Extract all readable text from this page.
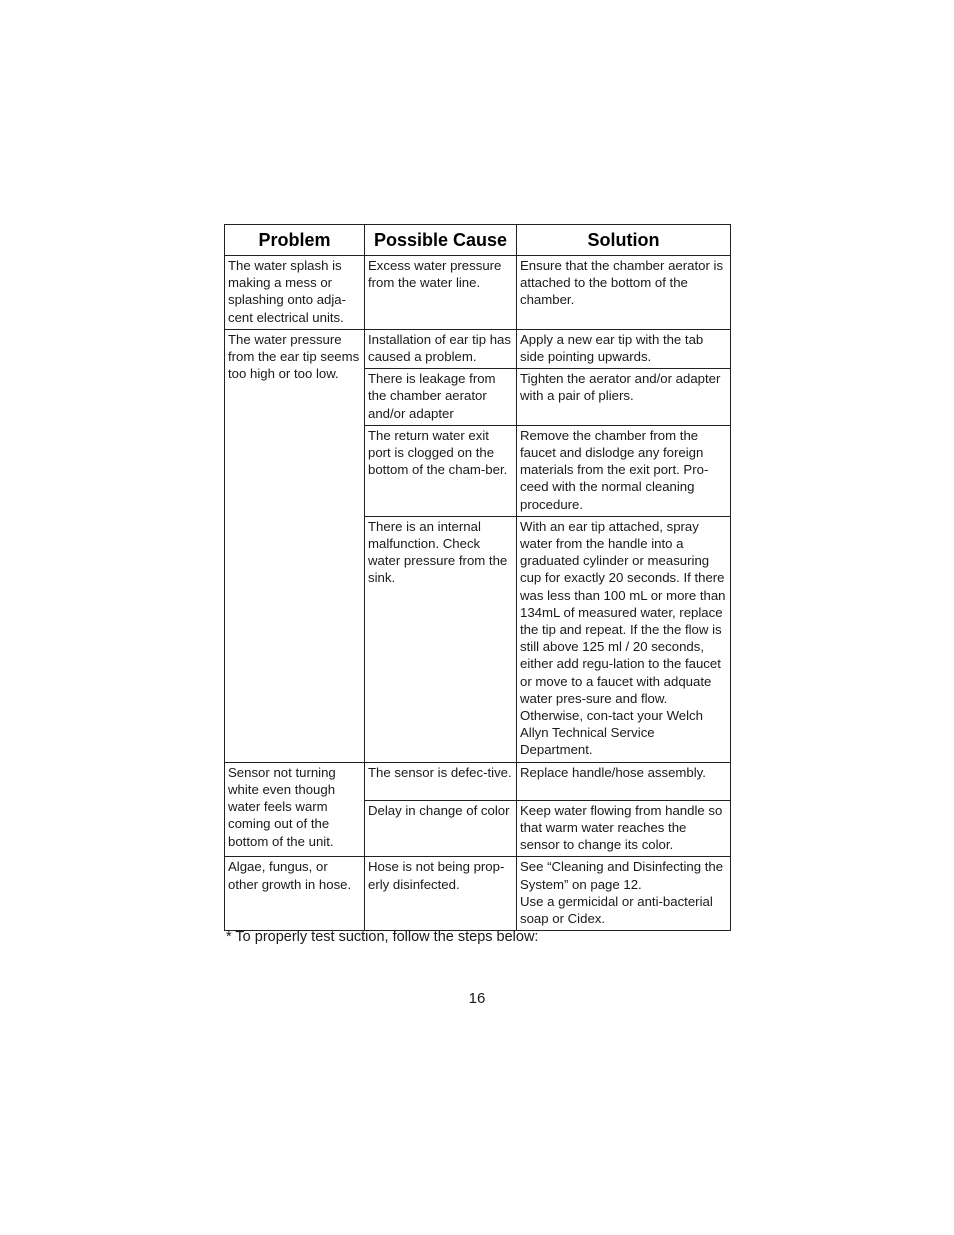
Problem	Possible Cause	Solution
The water splash is making a mess or splashing onto adja-cent electrical units.	Excess water pressure from the water line.	Ensure that the chamber aerator is attached to the bottom of the chamber.
The water pressure from the ear tip seems too high or too low.	Installation of ear tip has caused a problem.	Apply a new ear tip with the tab side pointing upwards.
	There is leakage from the chamber aerator and/or adapter	Tighten the aerator and/or adapter with a pair of pliers.
	The return water exit port is clogged on the bottom of the cham-ber.	Remove the chamber from the faucet and dislodge any foreign materials from the exit port. Pro-ceed with the normal cleaning procedure.
	There is an internal malfunction. Check water pressure from the sink.	With an ear tip attached, spray water from the handle into a graduated cylinder or measuring cup for exactly 20 seconds. If there was less than 100 mL or more than 134mL of measured water, replace the tip and repeat. If the the flow is still above 125 ml / 20 seconds, either add regu-lation to the faucet or move to a faucet with adquate water pres-sure and flow. Otherwise, con-tact your Welch Allyn Technical Service Department.
Sensor not turning white even though water feels warm coming out of the bottom of the unit.	The sensor is defec-tive.	Replace handle/hose assembly.
	Delay in change of color	Keep water flowing from handle so that warm water reaches the sensor to change its color.
Algae, fungus, or other growth in hose.	Hose is not being prop-erly disinfected.	See “Cleaning and Disinfecting the System” on page 12.
Use a germicidal or anti-bacterial soap or Cidex.
* To properly test suction, follow the steps below:
16
